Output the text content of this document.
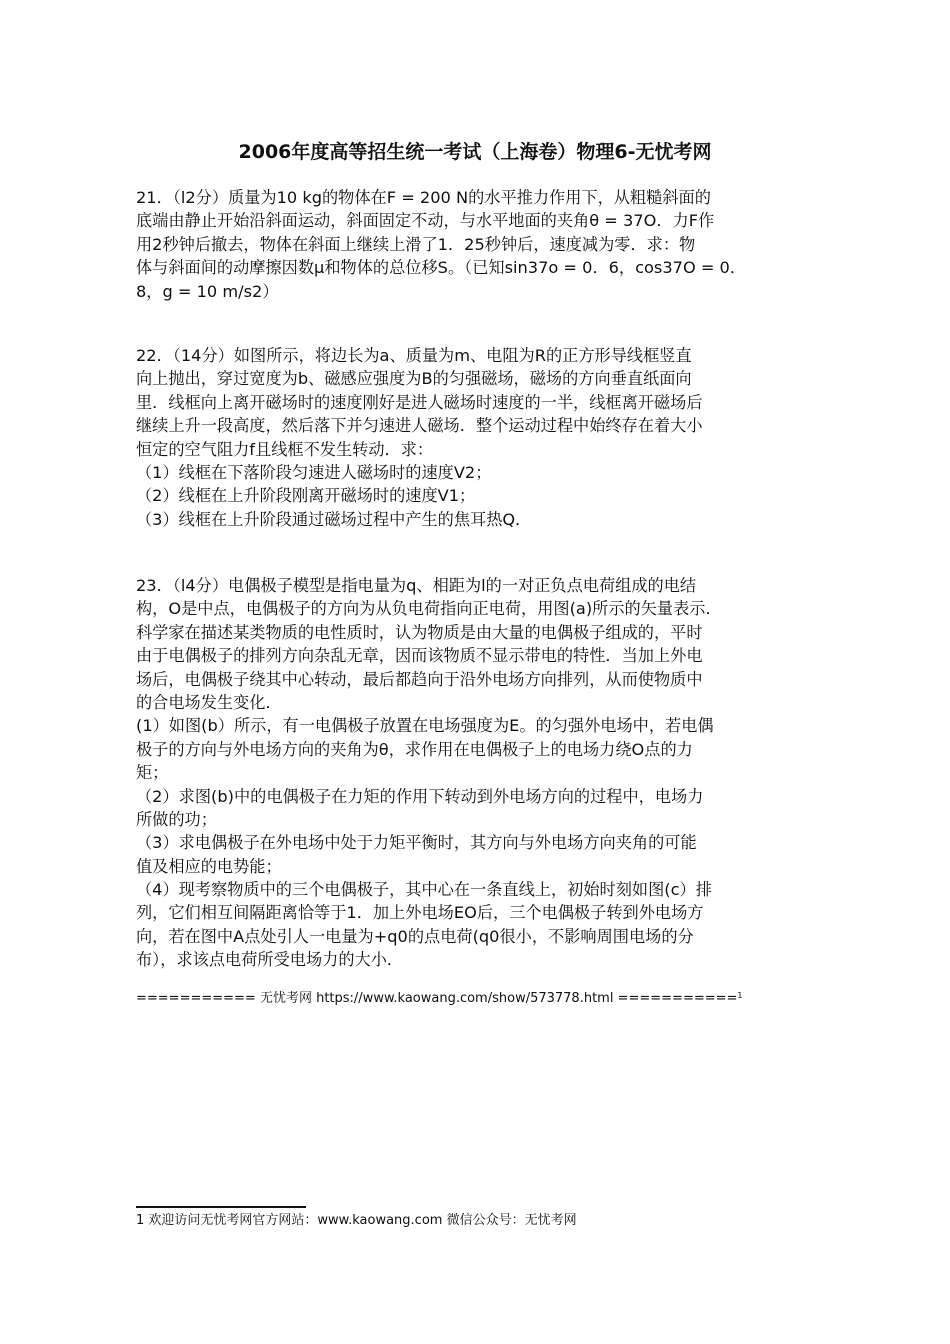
2006年度高等招生统一考试（上海卷）物理6-无忧考网
21．（l2分）质量为10 kg的物体在F = 200 N的水平推力作用下，从粗糙斜面的
底端由静止开始沿斜面运动，斜面固定不动，与水平地面的夹角θ = 37O．力F作
用2秒钟后撤去，物体在斜面上继续上滑了1．25秒钟后，速度减为零．求：物
体与斜面间的动摩擦因数μ和物体的总位移S。（已知sin37o = 0．6，cos37O = 0．
8，g = 10 m/s2）
22．（14分）如图所示，将边长为a、质量为m、电阻为R的正方形导线框竖直
向上抛出，穿过宽度为b、磁感应强度为B的匀强磁场，磁场的方向垂直纸面向
里．线框向上离开磁场时的速度刚好是进人磁场时速度的一半，线框离开磁场后
继续上升一段高度，然后落下并匀速进人磁场．整个运动过程中始终存在着大小
恒定的空气阻力f且线框不发生转动．求：
（1）线框在下落阶段匀速进人磁场时的速度V2；
（2）线框在上升阶段刚离开磁场时的速度V1；
（3）线框在上升阶段通过磁场过程中产生的焦耳热Q．
23．（l4分）电偶极子模型是指电量为q、相距为l的一对正负点电荷组成的电结
构，O是中点，电偶极子的方向为从负电荷指向正电荷，用图(a)所示的矢量表示．
科学家在描述某类物质的电性质时，认为物质是由大量的电偶极子组成的，平时
由于电偶极子的排列方向杂乱无章，因而该物质不显示带电的特性．当加上外电
场后，电偶极子绕其中心转动，最后都趋向于沿外电场方向排列，从而使物质中
的合电场发生变化．
(1）如图(b）所示，有一电偶极子放置在电场强度为E。的匀强外电场中，若电偶
极子的方向与外电场方向的夹角为θ，求作用在电偶极子上的电场力绕O点的力
矩；
（2）求图(b)中的电偶极子在力矩的作用下转动到外电场方向的过程中，电场力
所做的功；
（3）求电偶极子在外电场中处于力矩平衡时，其方向与外电场方向夹角的可能
值及相应的电势能；
（4）现考察物质中的三个电偶极子，其中心在一条直线上，初始时刻如图(c）排
列，它们相互间隔距离恰等于1．加上外电场EO后，三个电偶极子转到外电场方
向，若在图中A点处引人一电量为+q0的点电荷(q0很小，不影响周围电场的分
布），求该点电荷所受电场力的大小．
=========== 无忧考网 https://www.kaowang.com/show/573778.html ===========$^1$
1 欢迎访问无忧考网官方网站：www.kaowang.com 微信公众号：无忧考网
